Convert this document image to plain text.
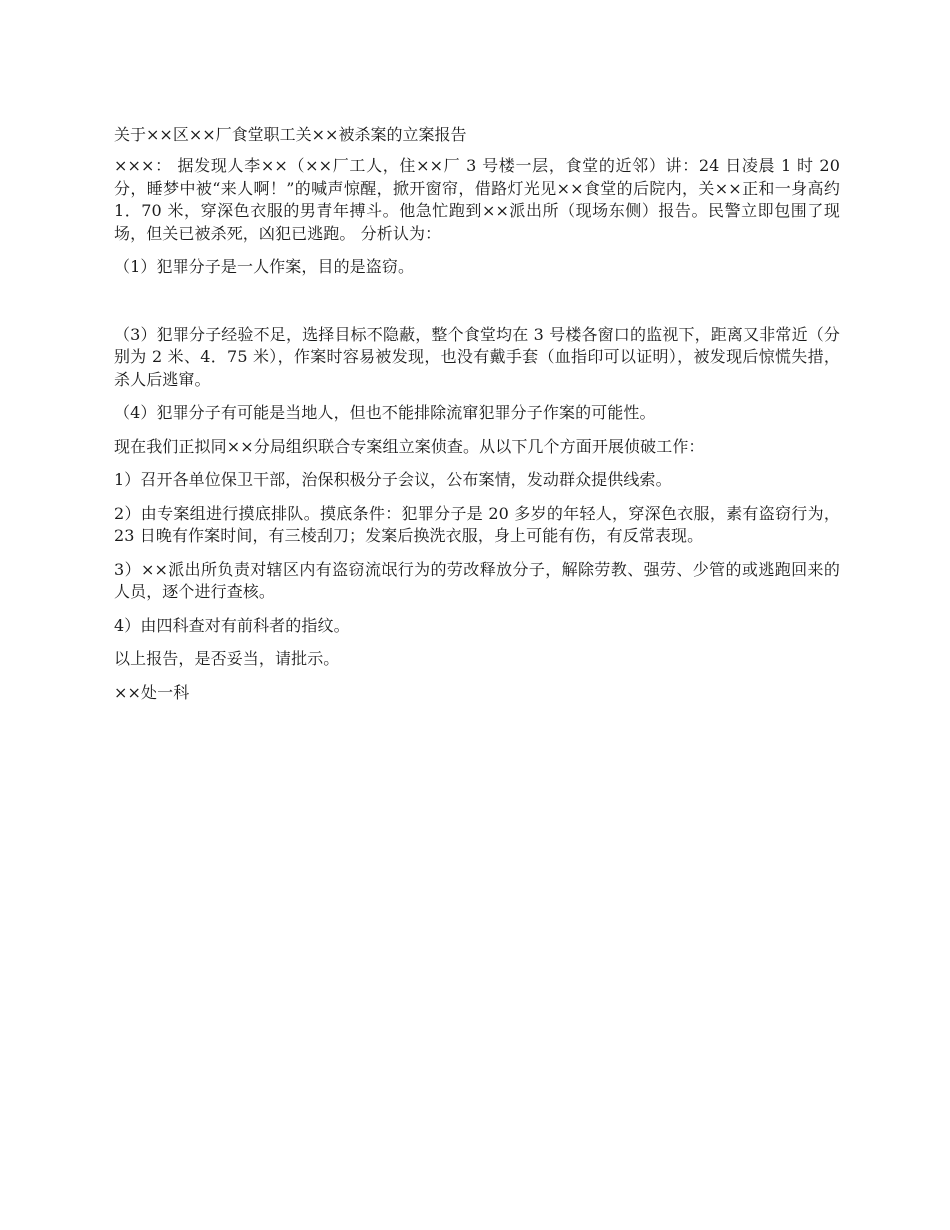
关于××区××厂食堂职工关××被杀案的立案报告

×××： 据发现人李××（××厂工人，住××厂 3 号楼一层，食堂的近邻）讲：24 日凌晨 1 时 20 分，睡梦中被“来人啊！”的喊声惊醒，掀开窗帘，借路灯光见××食堂的后院内，关××正和一身高约 1．70 米，穿深色衣服的男青年搏斗。他急忙跑到××派出所（现场东侧）报告。民警立即包围了现场，但关已被杀死，凶犯已逃跑。 分析认为：

（1）犯罪分子是一人作案，目的是盗窃。

（3）犯罪分子经验不足，选择目标不隐蔽，整个食堂均在 3 号楼各窗口的监视下，距离又非常近（分别为 2 米、4．75 米），作案时容易被发现，也没有戴手套（血指印可以证明），被发现后惊慌失措，杀人后逃窜。

（4）犯罪分子有可能是当地人，但也不能排除流窜犯罪分子作案的可能性。

现在我们正拟同××分局组织联合专案组立案侦查。从以下几个方面开展侦破工作：

1）召开各单位保卫干部，治保积极分子会议，公布案情，发动群众提供线索。

2）由专案组进行摸底排队。摸底条件：犯罪分子是 20 多岁的年轻人，穿深色衣服，素有盗窃行为，23 日晚有作案时间，有三棱刮刀；发案后换洗衣服，身上可能有伤，有反常表现。

3）××派出所负责对辖区内有盗窃流氓行为的劳改释放分子，解除劳教、强劳、少管的或逃跑回来的人员，逐个进行查核。

4）由四科查对有前科者的指纹。

以上报告，是否妥当，请批示。

××处一科
